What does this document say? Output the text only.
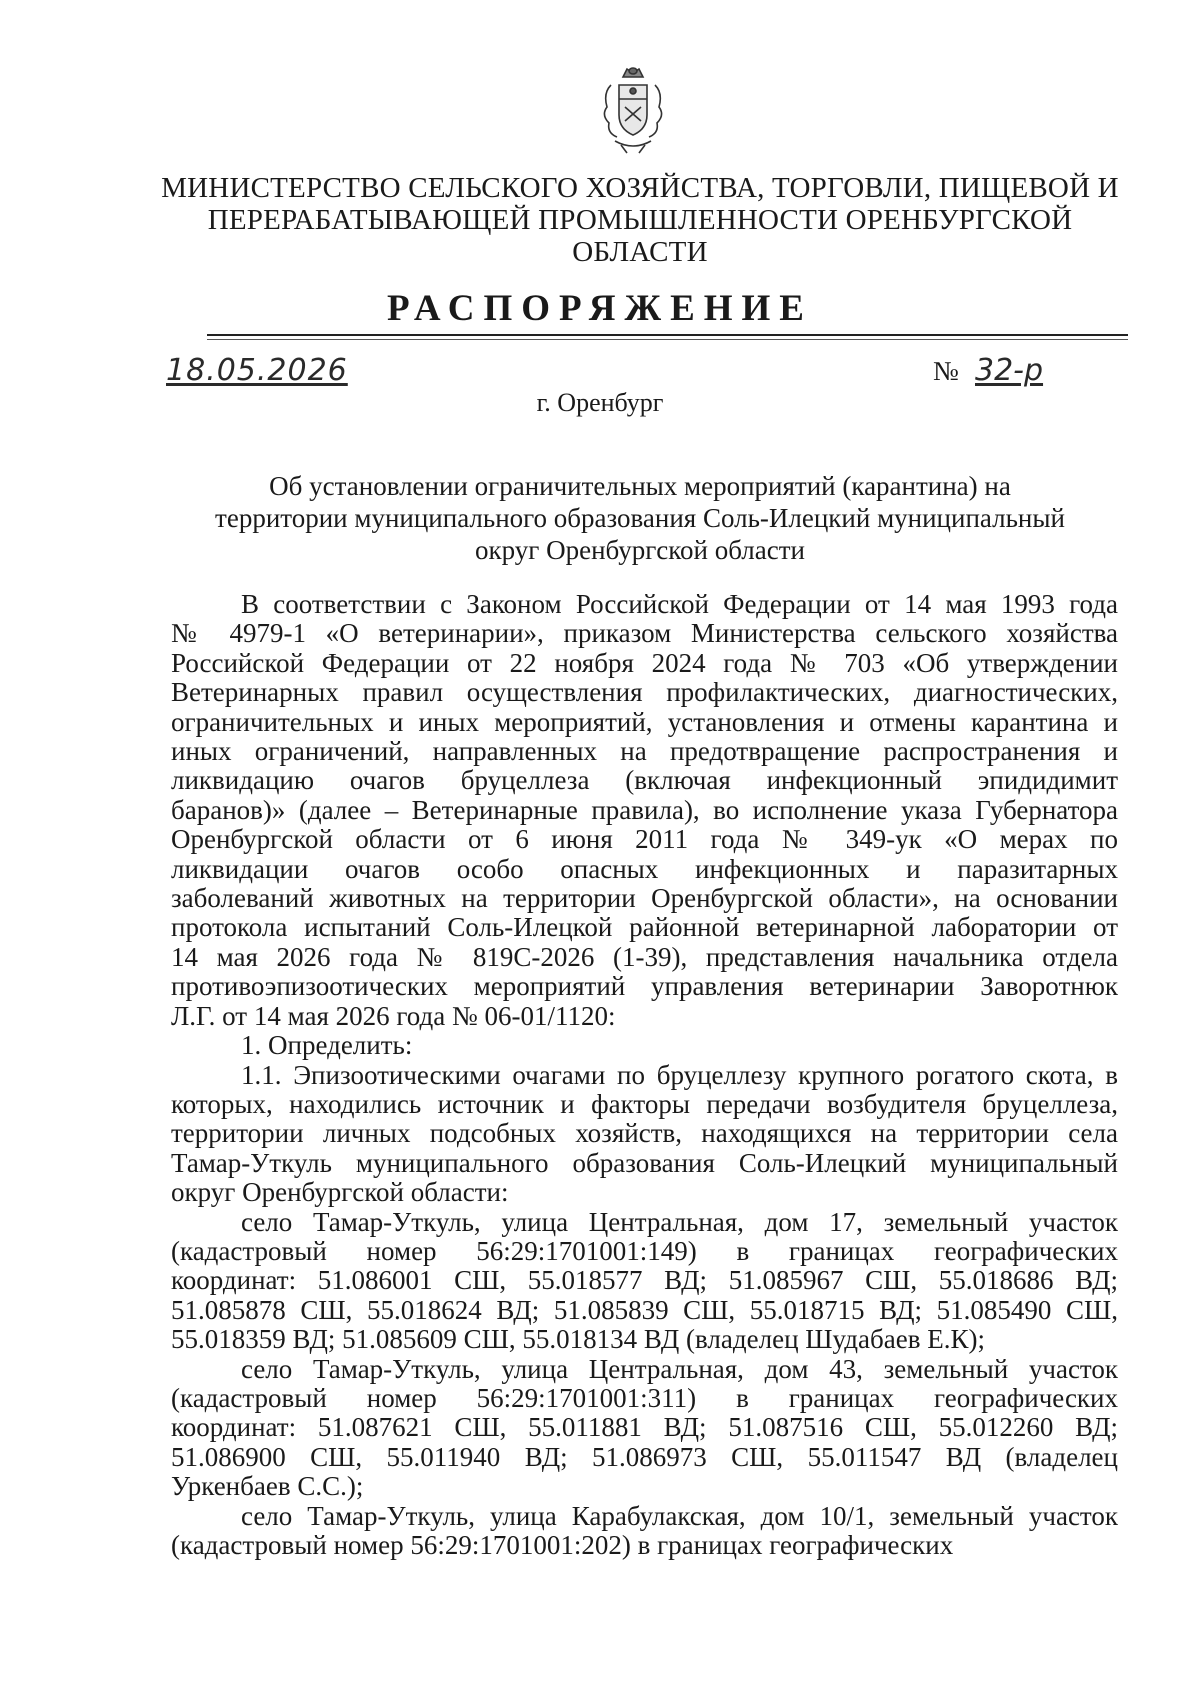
МИНИСТЕРСТВО СЕЛЬСКОГО ХОЗЯЙСТВА, ТОРГОВЛИ, ПИЩЕВОЙ И
ПЕРЕРАБАТЫВАЮЩЕЙ ПРОМЫШЛЕННОСТИ ОРЕНБУРГСКОЙ
ОБЛАСТИ
РАСПОРЯЖЕНИЕ
18.05.2026	№ 32-р
г. Оренбург
Об установлении ограничительных мероприятий (карантина) на
территории муниципального образования Соль-Илецкий муниципальный
округ Оренбургской области
В соответствии с Законом Российской Федерации от 14 мая 1993 года
№ 4979-1 «О ветеринарии», приказом Министерства сельского хозяйства
Российской Федерации от 22 ноября 2024 года № 703 «Об утверждении
Ветеринарных правил осуществления профилактических, диагностических,
ограничительных и иных мероприятий, установления и отмены карантина и
иных ограничений, направленных на предотвращение распространения и
ликвидацию очагов бруцеллеза (включая инфекционный эпидидимит
баранов)» (далее – Ветеринарные правила), во исполнение указа Губернатора
Оренбургской области от 6 июня 2011 года № 349-ук «О мерах по
ликвидации очагов особо опасных инфекционных и паразитарных
заболеваний животных на территории Оренбургской области», на основании
протокола испытаний Соль-Илецкой районной ветеринарной лаборатории от
14 мая 2026 года № 819С-2026 (1-39), представления начальника отдела
противоэпизоотических мероприятий управления ветеринарии Заворотнюк
Л.Г. от 14 мая 2026 года № 06-01/1120:
1. Определить:
1.1. Эпизоотическими очагами по бруцеллезу крупного рогатого скота, в
которых, находились источник и факторы передачи возбудителя бруцеллеза,
территории личных подсобных хозяйств, находящихся на территории села
Тамар-Уткуль муниципального образования Соль-Илецкий муниципальный
округ Оренбургской области:
село Тамар-Уткуль, улица Центральная, дом 17, земельный участок
(кадастровый номер 56:29:1701001:149) в границах географических
координат: 51.086001 СШ, 55.018577 ВД; 51.085967 СШ, 55.018686 ВД;
51.085878 СШ, 55.018624 ВД; 51.085839 СШ, 55.018715 ВД; 51.085490 СШ,
55.018359 ВД; 51.085609 СШ, 55.018134 ВД (владелец Шудабаев Е.К);
село Тамар-Уткуль, улица Центральная, дом 43, земельный участок
(кадастровый номер 56:29:1701001:311) в границах географических
координат: 51.087621 СШ, 55.011881 ВД; 51.087516 СШ, 55.012260 ВД;
51.086900 СШ, 55.011940 ВД; 51.086973 СШ, 55.011547 ВД (владелец
Уркенбаев С.С.);
село Тамар-Уткуль, улица Карабулакская, дом 10/1, земельный участок
(кадастровый номер 56:29:1701001:202) в границах географических
